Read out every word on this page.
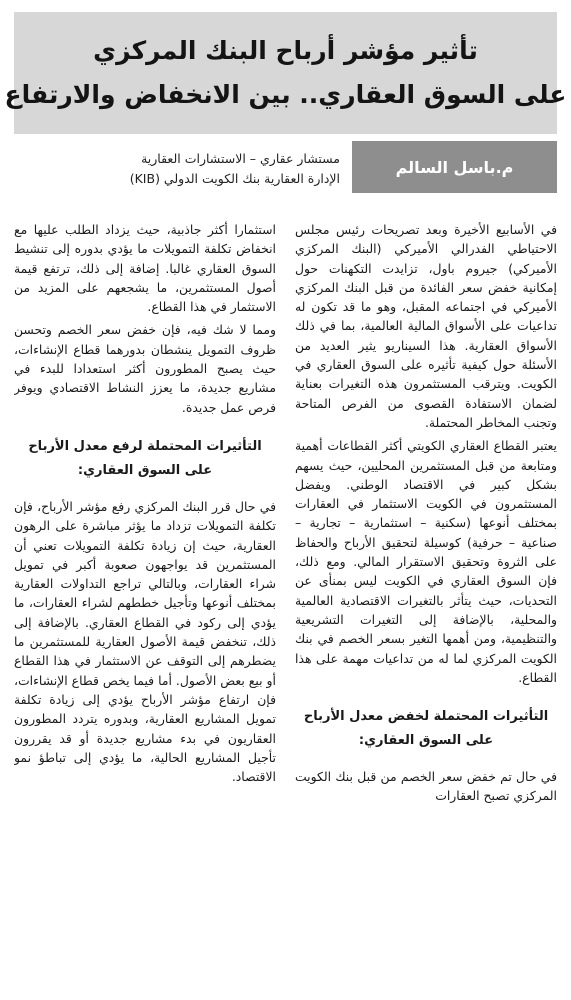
تأثير مؤشر أرباح البنك المركزي
على السوق العقاري.. بين الانخفاض والارتفاع
م.باسل السالم
مستشار عقاري – الاستشارات العقارية
الإدارة العقارية بنك الكويت الدولي (KIB)

في الأسابيع الأخيرة وبعد تصريحات رئيس مجلس الاحتياطي الفدرالي الأميركي (البنك المركزي الأميركي) جيروم باول، تزايدت التكهنات حول إمكانية خفض سعر الفائدة من قبل البنك المركزي الأميركي في اجتماعه المقبل، وهو ما قد تكون له تداعيات على الأسواق المالية العالمية، بما في ذلك الأسواق العقارية. هذا السيناريو يثير العديد من الأسئلة حول كيفية تأثيره على السوق العقاري في الكويت. ويترقب المستثمرون هذه التغيرات بعناية لضمان الاستفادة القصوى من الفرص المتاحة وتجنب المخاطر المحتملة.

يعتبر القطاع العقاري الكويتي أكثر القطاعات أهمية ومتابعة من قبل المستثمرين المحليين، حيث يسهم بشكل كبير في الاقتصاد الوطني. ويفضل المستثمرون في الكويت الاستثمار في العقارات بمختلف أنوعها (سكنية – استثمارية – تجارية – صناعية – حرفية) كوسيلة لتحقيق الأرباح والحفاظ على الثروة وتحقيق الاستقرار المالي. ومع ذلك، فإن السوق العقاري في الكويت ليس بمنأى عن التحديات، حيث يتأثر بالتغيرات الاقتصادية العالمية والمحلية، بالإضافة إلى التغيرات التشريعية والتنظيمية، ومن أهمها التغير بسعر الخصم في بنك الكويت المركزي لما له من تداعيات مهمة على هذا القطاع.

التأثيرات المحتملة لخفض معدل الأرباح على السوق العقاري:

في حال تم خفض سعر الخصم من قبل بنك الكويت المركزي تصبح العقارات

استثمارا أكثر جاذبية، حيث يزداد الطلب عليها مع انخفاض تكلفة التمويلات ما يؤدي بدوره إلى تنشيط السوق العقاري غالبا. إضافة إلى ذلك، ترتفع قيمة أصول المستثمرين، ما يشجعهم على المزيد من الاستثمار في هذا القطاع.

ومما لا شك فيه، فإن خفض سعر الخصم وتحسن ظروف التمويل ينشطان بدورهما قطاع الإنشاءات، حيث يصبح المطورون أكثر استعدادا للبدء في مشاريع جديدة، ما يعزز النشاط الاقتصادي ويوفر فرص عمل جديدة.

التأثيرات المحتملة لرفع معدل الأرباح على السوق العقاري:

في حال قرر البنك المركزي رفع مؤشر الأرباح، فإن تكلفة التمويلات تزداد ما يؤثر مباشرة على الرهون العقارية، حيث إن زيادة تكلفة التمويلات تعني أن المستثمرين قد يواجهون صعوبة أكبر في تمويل شراء العقارات، وبالتالي تراجع التداولات العقارية بمختلف أنوعها وتأجيل خططهم لشراء العقارات، ما يؤدي إلى ركود في القطاع العقاري. بالإضافة إلى ذلك، تنخفض قيمة الأصول العقارية للمستثمرين ما يضطرهم إلى التوقف عن الاستثمار في هذا القطاع أو بيع بعض الأصول. أما فيما يخص قطاع الإنشاءات، فإن ارتفاع مؤشر الأرباح يؤدي إلى زيادة تكلفة تمويل المشاريع العقارية، وبدوره يتردد المطورون العقاريون في بدء مشاريع جديدة أو قد يقررون تأجيل المشاريع الحالية، ما يؤدي إلى تباطؤ نمو الاقتصاد.
